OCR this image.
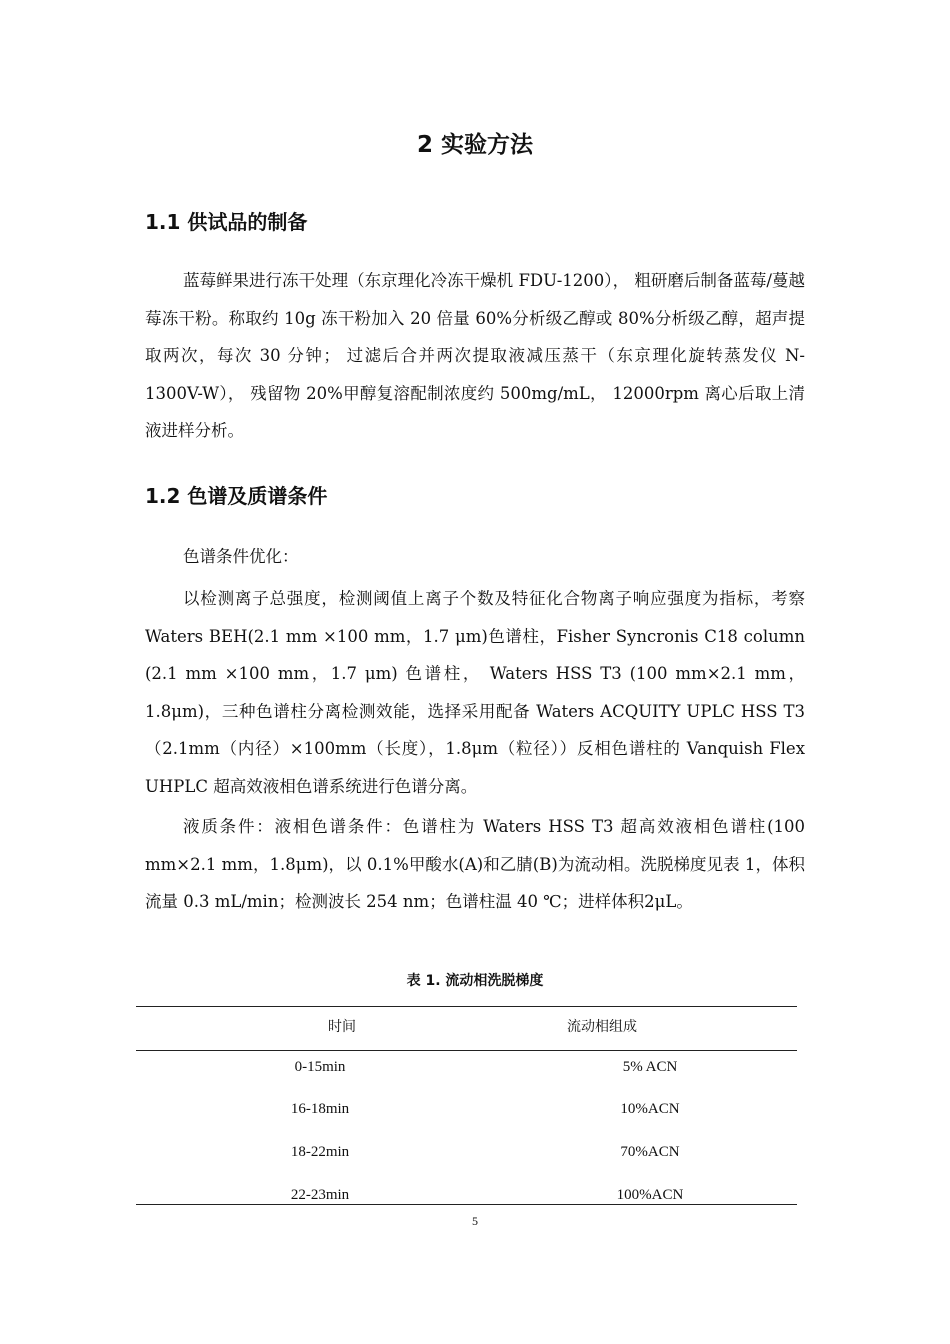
2 实验方法
1.1 供试品的制备

蓝莓鲜果进行冻干处理（东京理化冷冻干燥机 FDU-1200）， 粗研磨后制备蓝莓/蔓越莓冻干粉。称取约 10g 冻干粉加入 20 倍量 60%分析级乙醇或 80%分析级乙醇，超声提取两次，每次 30 分钟； 过滤后合并两次提取液减压蒸干（东京理化旋转蒸发仪 N-1300V-W）， 残留物 20%甲醇复溶配制浓度约 500mg/mL， 12000rpm 离心后取上清液进样分析。

1.2 色谱及质谱条件

色谱条件优化：

以检测离子总强度，检测阈值上离子个数及特征化合物离子响应强度为指标，考察 Waters BEH(2.1 mm ×100 mm，1.7 μm)色谱柱，Fisher Syncronis C18 column (2.1 mm ×100 mm，1.7 μm) 色谱柱， Waters HSS T3 (100 mm×2.1 mm，1.8μm)，三种色谱柱分离检测效能，选择采用配备 Waters ACQUITY UPLC HSS T3（2.1mm（内径）×100mm（长度），1.8μm（粒径））反相色谱柱的 Vanquish Flex UHPLC 超高效液相色谱系统进行色谱分离。

液质条件：液相色谱条件：色谱柱为 Waters HSS T3 超高效液相色谱柱(100 mm×2.1 mm，1.8μm)，以 0.1%甲酸水(A)和乙腈(B)为流动相。洗脱梯度见表 1，体积流量 0.3 mL/min；检测波长 254 nm；色谱柱温 40 ℃；进样体积2μL。

表 1. 流动相洗脱梯度
时间	流动相组成
0-15min	5% ACN
16-18min	10%ACN
18-22min	70%ACN
22-23min	100%ACN
5
